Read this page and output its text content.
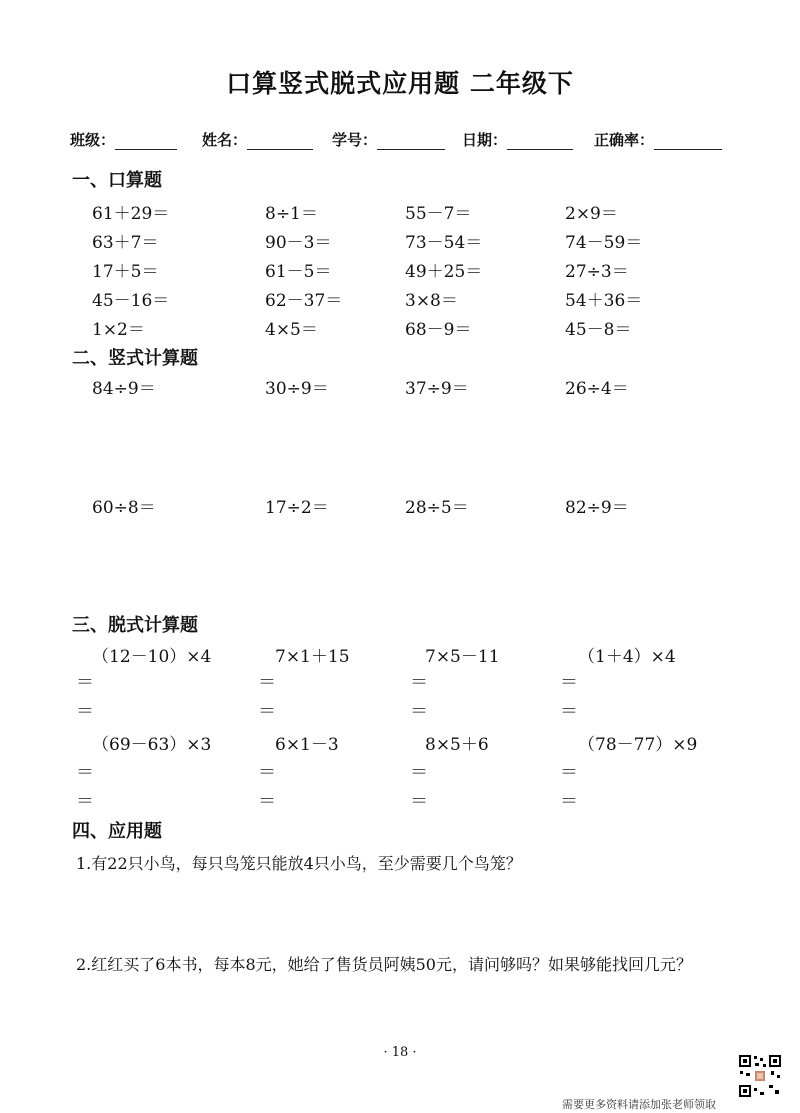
口算竖式脱式应用题 二年级下
班级：	姓名：	学号：	日期：	正确率：
一、口算题
61＋29＝	8÷1＝	55－7＝	2×9＝
63＋7＝	90－3＝	73－54＝	74－59＝
17＋5＝	61－5＝	49＋25＝	27÷3＝
45－16＝	62－37＝	3×8＝	54＋36＝
1×2＝	4×5＝	68－9＝	45－8＝
二、竖式计算题
84÷9＝	30÷9＝	37÷9＝	26÷4＝
60÷8＝	17÷2＝	28÷5＝	82÷9＝
三、脱式计算题
（12－10）×4	7×1＋15	7×5－11	（1＋4）×4
＝	＝	＝	＝
＝	＝	＝	＝
（69－63）×3	6×1－3	8×5＋6	（78－77）×9
＝	＝	＝	＝
＝	＝	＝	＝
四、应用题
1.有22只小鸟，每只鸟笼只能放4只小鸟，至少需要几个鸟笼？
2.红红买了6本书，每本8元，她给了售货员阿姨50元，请问够吗？如果够能找回几元？
· 18 ·
需要更多资料请添加张老师领取
